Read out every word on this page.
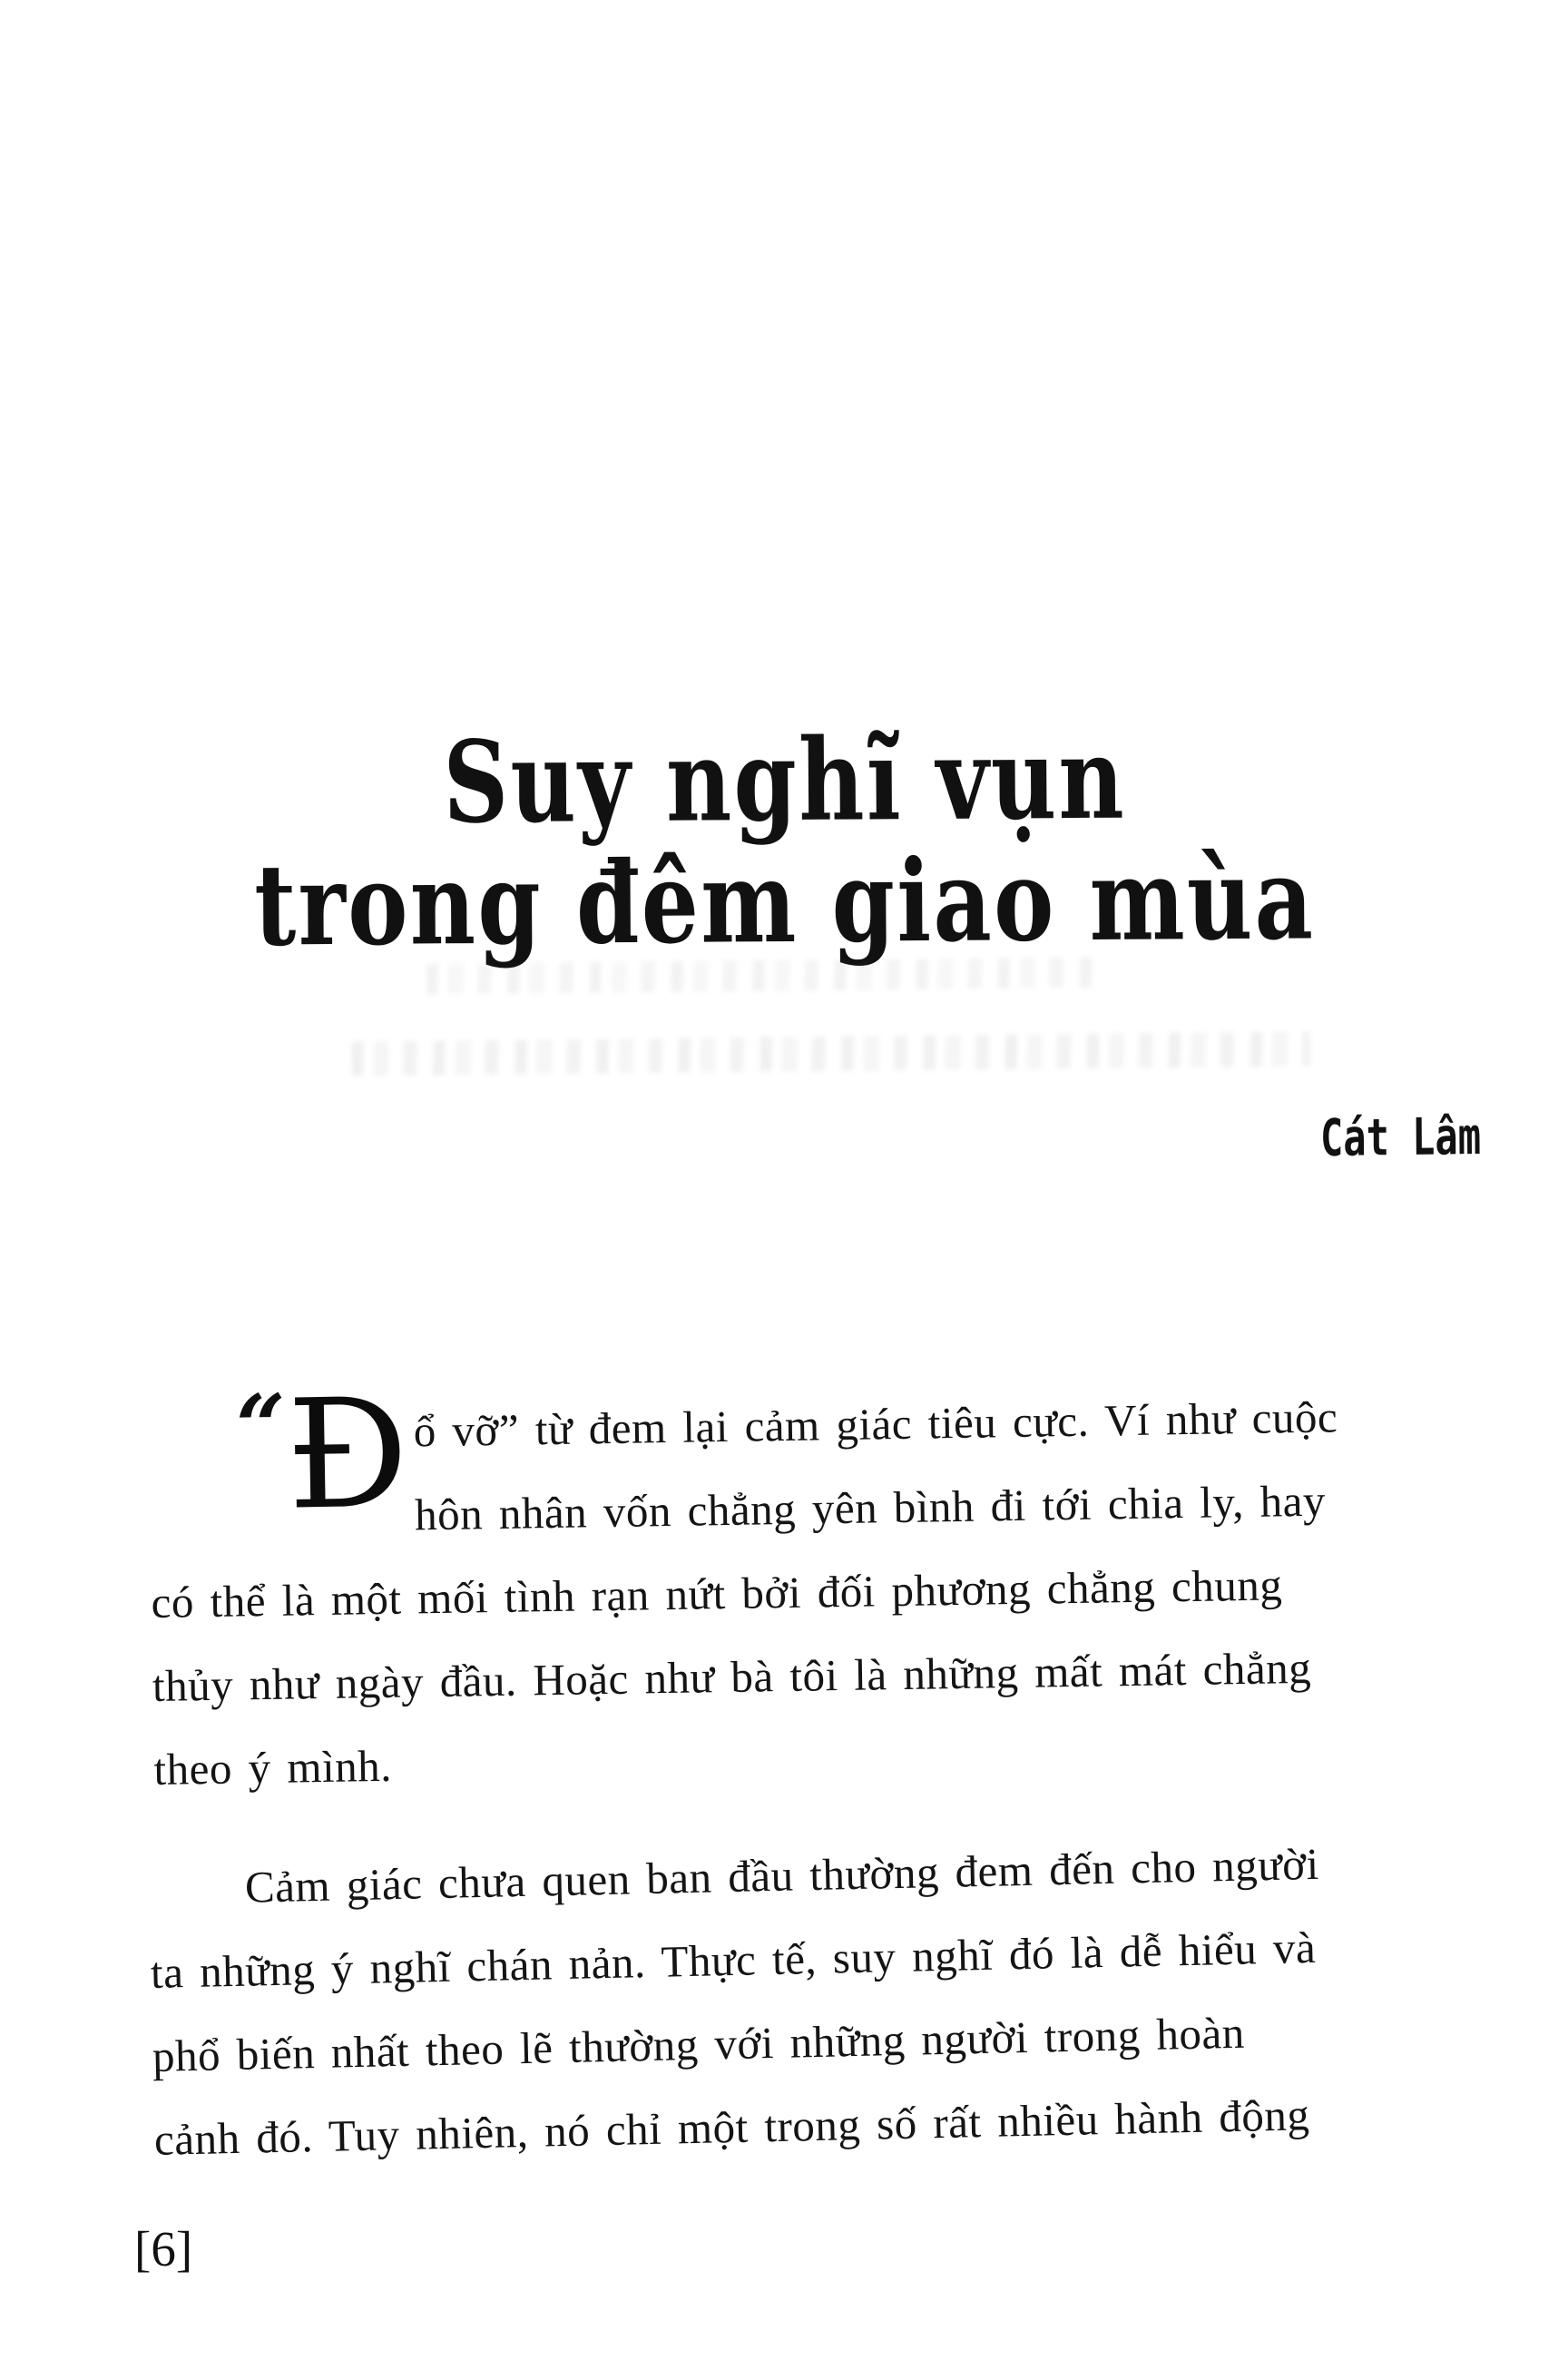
Suy nghĩ vụn
trong đêm giao mùa
Cát Lâm
“
Đ ổ vỡ” từ đem lại cảm giác tiêu cực. Ví như cuộc
hôn nhân vốn chẳng yên bình đi tới chia ly, hay
có thể là một mối tình rạn nứt bởi đối phương chẳng chung
thủy như ngày đầu. Hoặc như bà tôi là những mất mát chẳng
theo ý mình.
Cảm giác chưa quen ban đầu thường đem đến cho người
ta những ý nghĩ chán nản. Thực tế, suy nghĩ đó là dễ hiểu và
phổ biến nhất theo lẽ thường với những người trong hoàn
cảnh đó. Tuy nhiên, nó chỉ một trong số rất nhiều hành động
[6]
